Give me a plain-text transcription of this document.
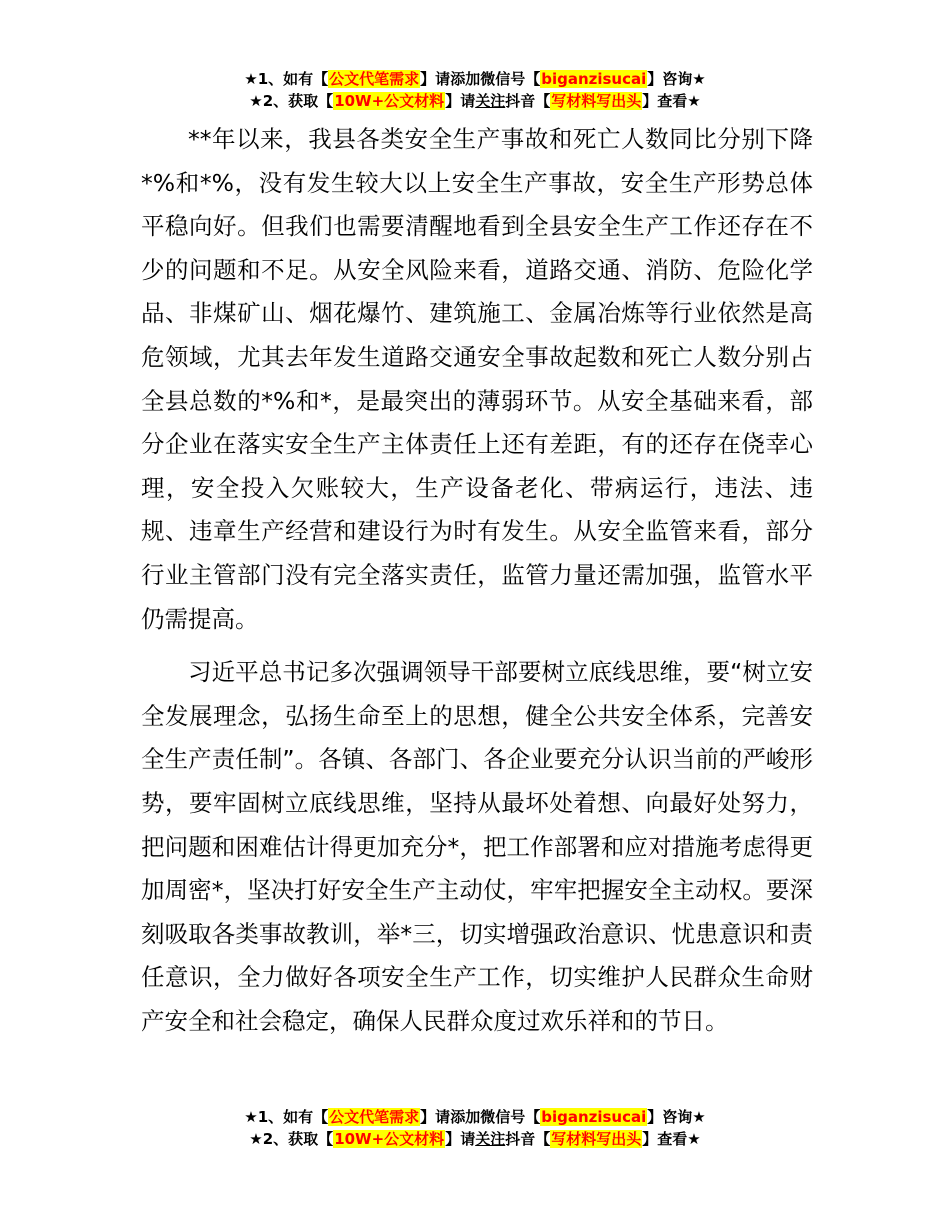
★1、如有【公文代笔需求】请添加微信号【biganzisucai】咨询★
★2、获取【10W+公文材料】请关注抖音【写材料写出头】查看★

**年以来，我县各类安全生产事故和死亡人数同比分别下降*%和*%，没有发生较大以上安全生产事故，安全生产形势总体平稳向好。但我们也需要清醒地看到全县安全生产工作还存在不少的问题和不足。从安全风险来看，道路交通、消防、危险化学品、非煤矿山、烟花爆竹、建筑施工、金属冶炼等行业依然是高危领域，尤其去年发生道路交通安全事故起数和死亡人数分别占全县总数的*%和*，是最突出的薄弱环节。从安全基础来看，部分企业在落实安全生产主体责任上还有差距，有的还存在侥幸心理，安全投入欠账较大，生产设备老化、带病运行，违法、违规、违章生产经营和建设行为时有发生。从安全监管来看，部分行业主管部门没有完全落实责任，监管力量还需加强，监管水平仍需提高。

习近平总书记多次强调领导干部要树立底线思维，要“树立安全发展理念，弘扬生命至上的思想，健全公共安全体系，完善安全生产责任制”。各镇、各部门、各企业要充分认识当前的严峻形势，要牢固树立底线思维，坚持从最坏处着想、向最好处努力，把问题和困难估计得更加充分*，把工作部署和应对措施考虑得更加周密*，坚决打好安全生产主动仗，牢牢把握安全主动权。要深刻吸取各类事故教训，举*三，切实增强政治意识、忧患意识和责任意识，全力做好各项安全生产工作，切实维护人民群众生命财产安全和社会稳定，确保人民群众度过欢乐祥和的节日。

★1、如有【公文代笔需求】请添加微信号【biganzisucai】咨询★
★2、获取【10W+公文材料】请关注抖音【写材料写出头】查看★
